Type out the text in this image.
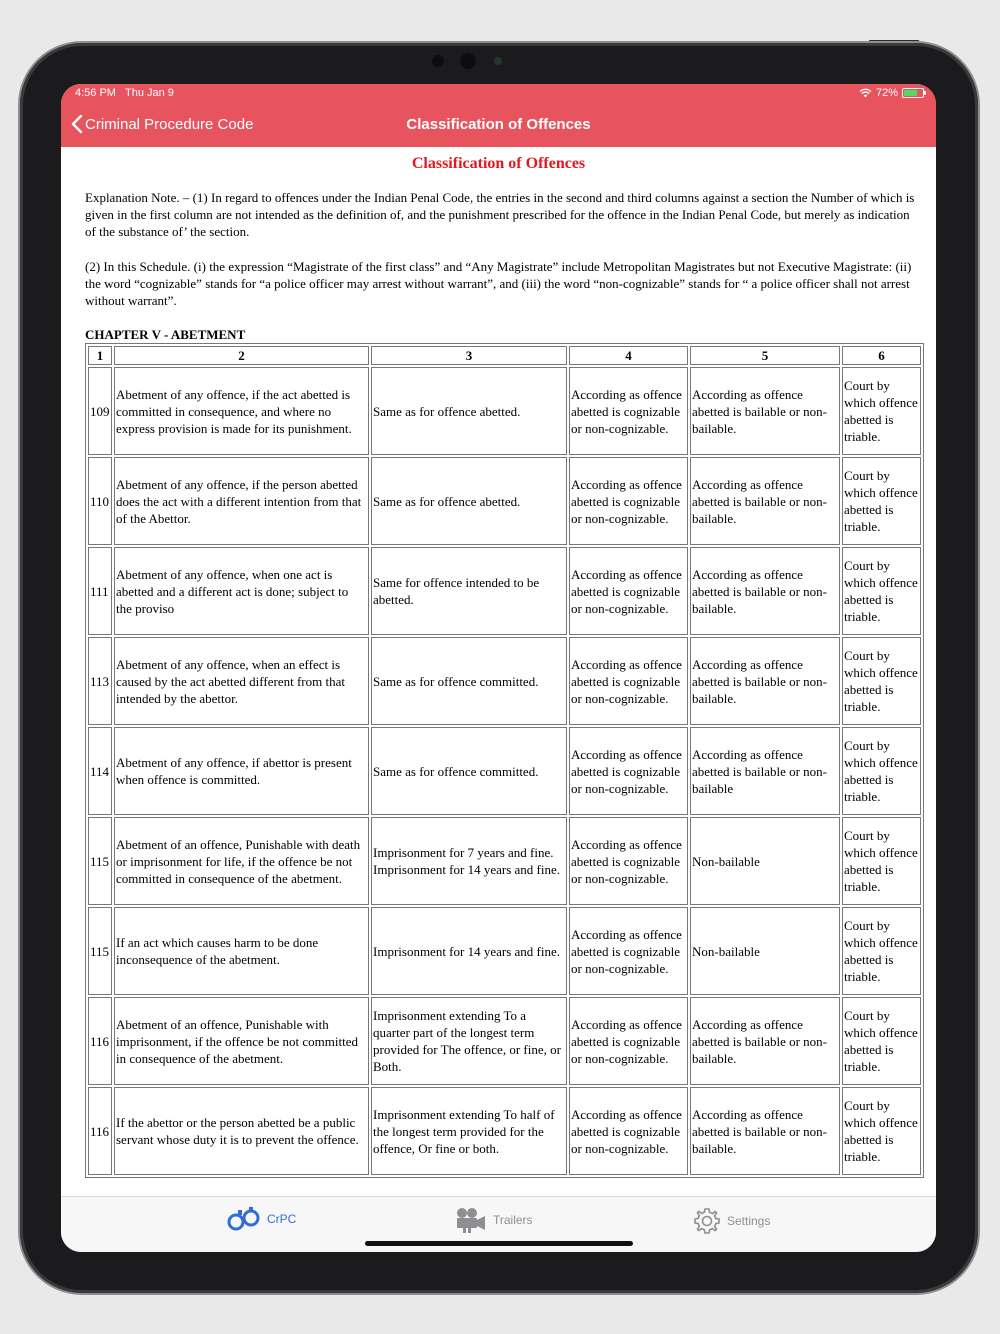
4:56 PM Thu Jan 9	72%
Criminal Procedure Code	Classification of Offences
Classification of Offences

Explanation Note. – (1) In regard to offences under the Indian Penal Code, the entries in the second and third columns against a section the Number of which is given in the first column are not intended as the definition of, and the punishment prescribed for the offence in the Indian Penal Code, but merely as indication of the substance of’ the section.

(2) In this Schedule. (i) the expression “Magistrate of the first class” and “Any Magistrate” include Metropolitan Magistrates but not Executive Magistrate: (ii) the word “cognizable” stands for “a police officer may arrest without warrant”, and (iii) the word “non-cognizable” stands for “ a police officer shall not arrest without warrant”.

CHAPTER V - ABETMENT
1	2	3	4	5	6
109	Abetment of any offence, if the act abetted is committed in consequence, and where no express provision is made for its punishment.	Same as for offence abetted.	According as offence abetted is cognizable or non-cognizable.	According as offence abetted is bailable or non-bailable.	Court by which offence abetted is triable.
110	Abetment of any offence, if the person abetted does the act with a different intention from that of the Abettor.	Same as for offence abetted.	According as offence abetted is cognizable or non-cognizable.	According as offence abetted is bailable or non-bailable.	Court by which offence abetted is triable.
111	Abetment of any offence, when one act is abetted and a different act is done; subject to the proviso	Same for offence intended to be abetted.	According as offence abetted is cognizable or non-cognizable.	According as offence abetted is bailable or non-bailable.	Court by which offence abetted is triable.
113	Abetment of any offence, when an effect is caused by the act abetted different from that intended by the abettor.	Same as for offence committed.	According as offence abetted is cognizable or non-cognizable.	According as offence abetted is bailable or non-bailable.	Court by which offence abetted is triable.
114	Abetment of any offence, if abettor is present when offence is committed.	Same as for offence committed.	According as offence abetted is cognizable or non-cognizable.	According as offence abetted is bailable or non-bailable	Court by which offence abetted is triable.
115	Abetment of an offence, Punishable with death or imprisonment for life, if the offence be not committed in consequence of the abetment.	Imprisonment for 7 years and fine. Imprisonment for 14 years and fine.	According as offence abetted is cognizable or non-cognizable.	Non-bailable	Court by which offence abetted is triable.
115	If an act which causes harm to be done inconsequence of the abetment.	Imprisonment for 14 years and fine.	According as offence abetted is cognizable or non-cognizable.	Non-bailable	Court by which offence abetted is triable.
116	Abetment of an offence, Punishable with imprisonment, if the offence be not committed in consequence of the abetment.	Imprisonment extending To a quarter part of the longest term provided for The offence, or fine, or Both.	According as offence abetted is cognizable or non-cognizable.	According as offence abetted is bailable or non-bailable.	Court by which offence abetted is triable.
116	If the abettor or the person abetted be a public servant whose duty it is to prevent the offence.	Imprisonment extending To half of the longest term provided for the offence, Or fine or both.	According as offence abetted is cognizable or non-cognizable.	According as offence abetted is bailable or non-bailable.	Court by which offence abetted is triable.
CrPC	Trailers	Settings
